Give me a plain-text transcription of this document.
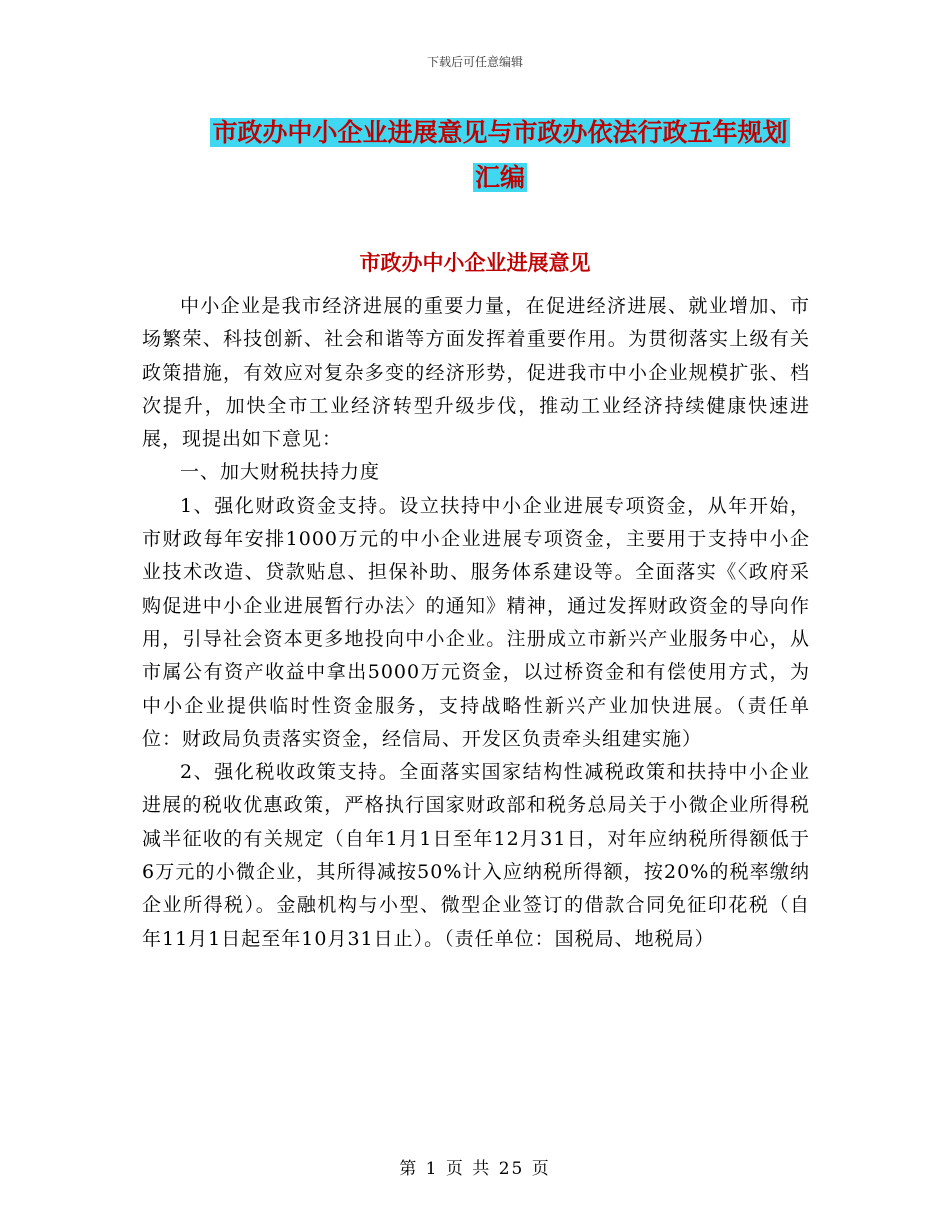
下载后可任意编辑
市政办中小企业进展意见与市政办依法行政五年规划
汇编
市政办中小企业进展意见

中小企业是我市经济进展的重要力量，在促进经济进展、就业增加、市场繁荣、科技创新、社会和谐等方面发挥着重要作用。为贯彻落实上级有关政策措施，有效应对复杂多变的经济形势，促进我市中小企业规模扩张、档次提升，加快全市工业经济转型升级步伐，推动工业经济持续健康快速进展，现提出如下意见：

一、加大财税扶持力度

1、强化财政资金支持。设立扶持中小企业进展专项资金，从年开始，市财政每年安排1000万元的中小企业进展专项资金，主要用于支持中小企业技术改造、贷款贴息、担保补助、服务体系建设等。全面落实《〈政府采购促进中小企业进展暂行办法〉的通知》精神，通过发挥财政资金的导向作用，引导社会资本更多地投向中小企业。注册成立市新兴产业服务中心，从市属公有资产收益中拿出5000万元资金，以过桥资金和有偿使用方式，为中小企业提供临时性资金服务，支持战略性新兴产业加快进展。（责任单位：财政局负责落实资金，经信局、开发区负责牵头组建实施）

2、强化税收政策支持。全面落实国家结构性减税政策和扶持中小企业进展的税收优惠政策，严格执行国家财政部和税务总局关于小微企业所得税减半征收的有关规定（自年1月1日至年12月31日，对年应纳税所得额低于6万元的小微企业，其所得减按50%计入应纳税所得额，按20%的税率缴纳企业所得税）。金融机构与小型、微型企业签订的借款合同免征印花税（自年11月1日起至年10月31日止）。（责任单位：国税局、地税局）

第 1 页 共 25 页
